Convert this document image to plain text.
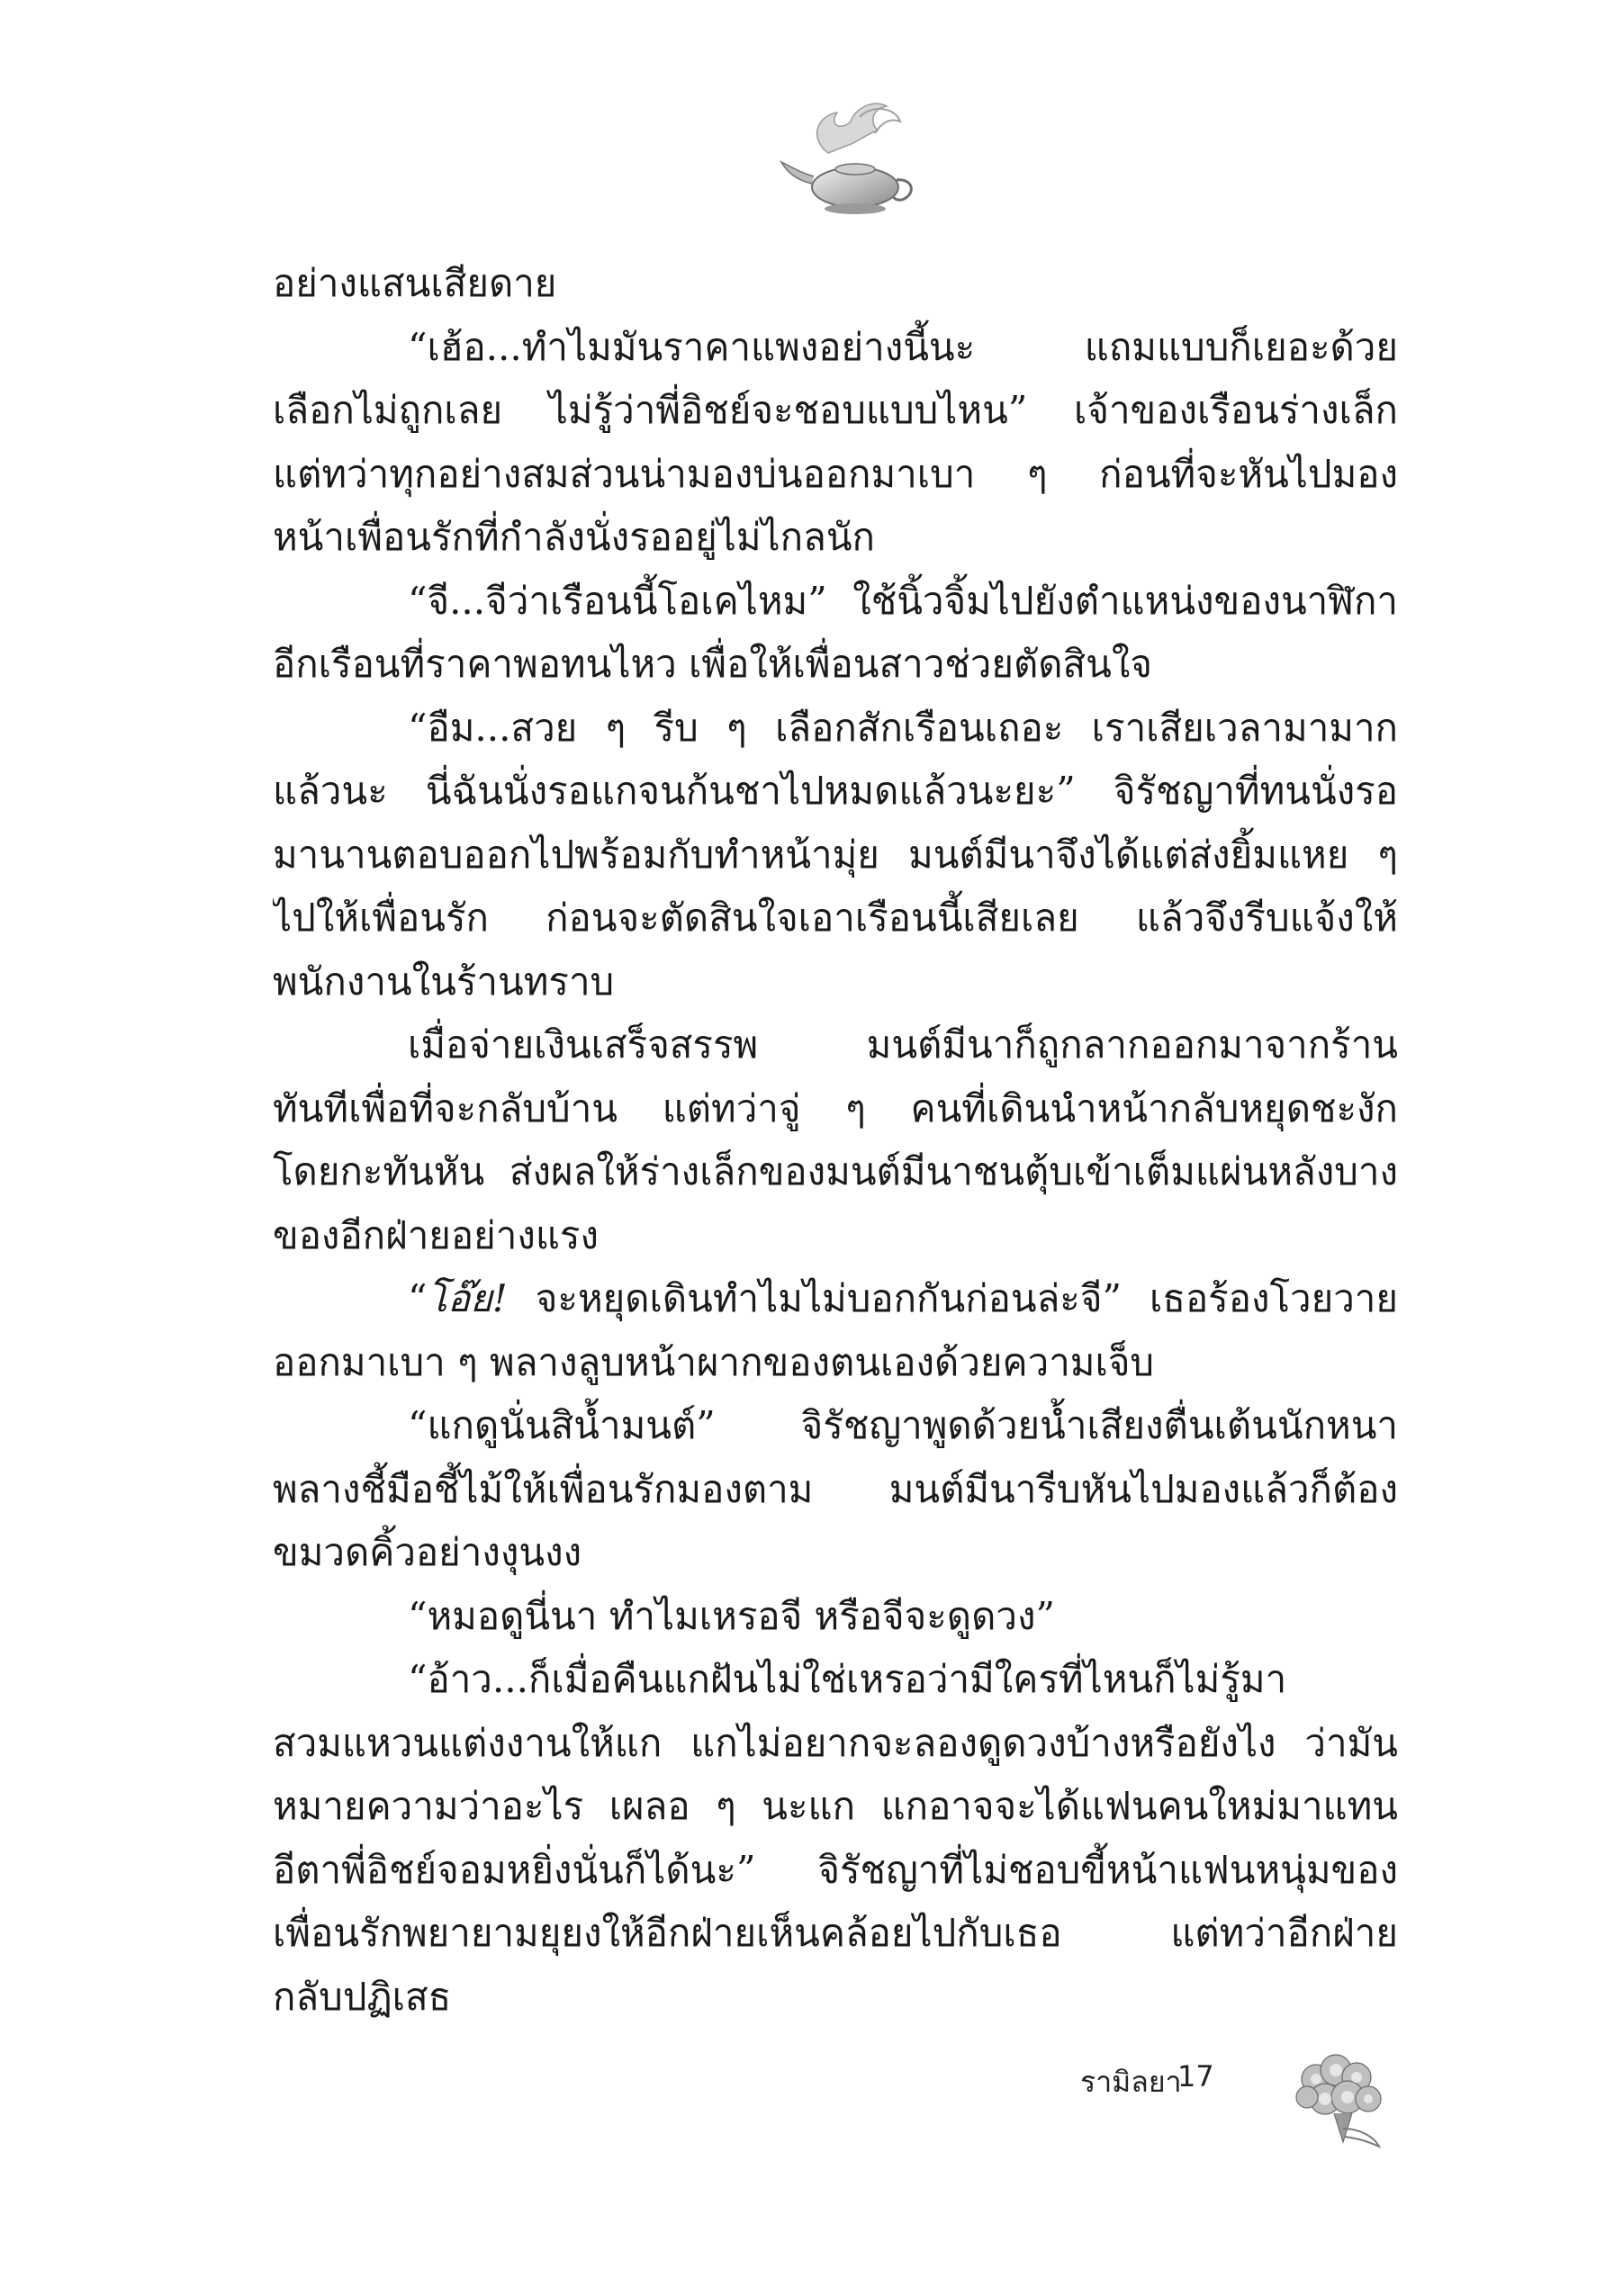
อย่างแสนเสียดาย
“เฮ้อ...ทำไมมันราคาแพงอย่างนี้นะ แถมแบบก็เยอะด้วย
เลือกไม่ถูกเลย ไม่รู้ว่าพี่อิชย์จะชอบแบบไหน” เจ้าของเรือนร่างเล็ก
แต่ทว่าทุกอย่างสมส่วนน่ามองบ่นออกมาเบา ๆ ก่อนที่จะหันไปมอง
หน้าเพื่อนรักที่กำลังนั่งรออยู่ไม่ไกลนัก
“จี...จีว่าเรือนนี้โอเคไหม” ใช้นิ้วจิ้มไปยังตำแหน่งของนาฬิกา
อีกเรือนที่ราคาพอทนไหว เพื่อให้เพื่อนสาวช่วยตัดสินใจ
“อืม...สวย ๆ รีบ ๆ เลือกสักเรือนเถอะ เราเสียเวลามามาก
แล้วนะ นี่ฉันนั่งรอแกจนก้นชาไปหมดแล้วนะยะ” จิรัชญาที่ทนนั่งรอ
มานานตอบออกไปพร้อมกับทำหน้ามุ่ย มนต์มีนาจึงได้แต่ส่งยิ้มแหย ๆ
ไปให้เพื่อนรัก ก่อนจะตัดสินใจเอาเรือนนี้เสียเลย แล้วจึงรีบแจ้งให้
พนักงานในร้านทราบ
เมื่อจ่ายเงินเสร็จสรรพ มนต์มีนาก็ถูกลากออกมาจากร้าน
ทันทีเพื่อที่จะกลับบ้าน แต่ทว่าจู่ ๆ คนที่เดินนำหน้ากลับหยุดชะงัก
โดยกะทันหัน ส่งผลให้ร่างเล็กของมนต์มีนาชนตุ้บเข้าเต็มแผ่นหลังบาง
ของอีกฝ่ายอย่างแรง
“โอ๊ย! จะหยุดเดินทำไมไม่บอกกันก่อนล่ะจี” เธอร้องโวยวาย
ออกมาเบา ๆ พลางลูบหน้าผากของตนเองด้วยความเจ็บ
“แกดูนั่นสิน้ำมนต์” จิรัชญาพูดด้วยน้ำเสียงตื่นเต้นนักหนา
พลางชี้มือชี้ไม้ให้เพื่อนรักมองตาม มนต์มีนารีบหันไปมองแล้วก็ต้อง
ขมวดคิ้วอย่างงุนงง
“หมอดูนี่นา ทำไมเหรอจี หรือจีจะดูดวง”
“อ้าว...ก็เมื่อคืนแกฝันไม่ใช่เหรอว่ามีใครที่ไหนก็ไม่รู้มา
สวมแหวนแต่งงานให้แก แกไม่อยากจะลองดูดวงบ้างหรือยังไง ว่ามัน
หมายความว่าอะไร เผลอ ๆ นะแก แกอาจจะได้แฟนคนใหม่มาแทน
อีตาพี่อิชย์จอมหยิ่งนั่นก็ได้นะ” จิรัชญาที่ไม่ชอบขี้หน้าแฟนหนุ่มของ
เพื่อนรักพยายามยุยงให้อีกฝ่ายเห็นคล้อยไปกับเธอ แต่ทว่าอีกฝ่าย
กลับปฏิเสธ
รามิลยา
17
